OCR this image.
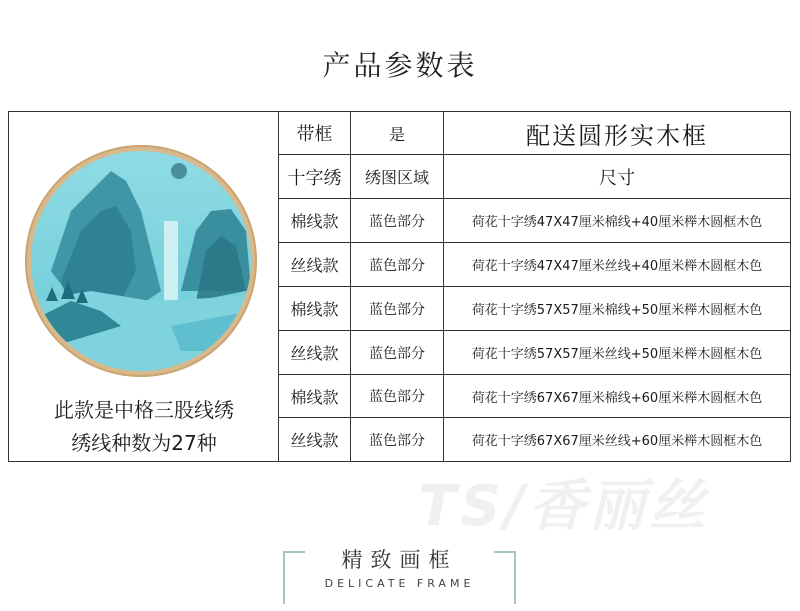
产品参数表
此款是中格三股线绣
绣线种数为27种
带框	是	配送圆形实木框
十字绣	绣图区域	尺寸
棉线款	蓝色部分	荷花十字绣47X47厘米棉线+40厘米榉木圆框木色
丝线款	蓝色部分	荷花十字绣47X47厘米丝线+40厘米榉木圆框木色
棉线款	蓝色部分	荷花十字绣57X57厘米棉线+50厘米榉木圆框木色
丝线款	蓝色部分	荷花十字绣57X57厘米丝线+50厘米榉木圆框木色
棉线款	蓝色部分	荷花十字绣67X67厘米棉线+60厘米榉木圆框木色
丝线款	蓝色部分	荷花十字绣67X67厘米丝线+60厘米榉木圆框木色
TS/香丽丝
精致画框
DELICATE FRAME
